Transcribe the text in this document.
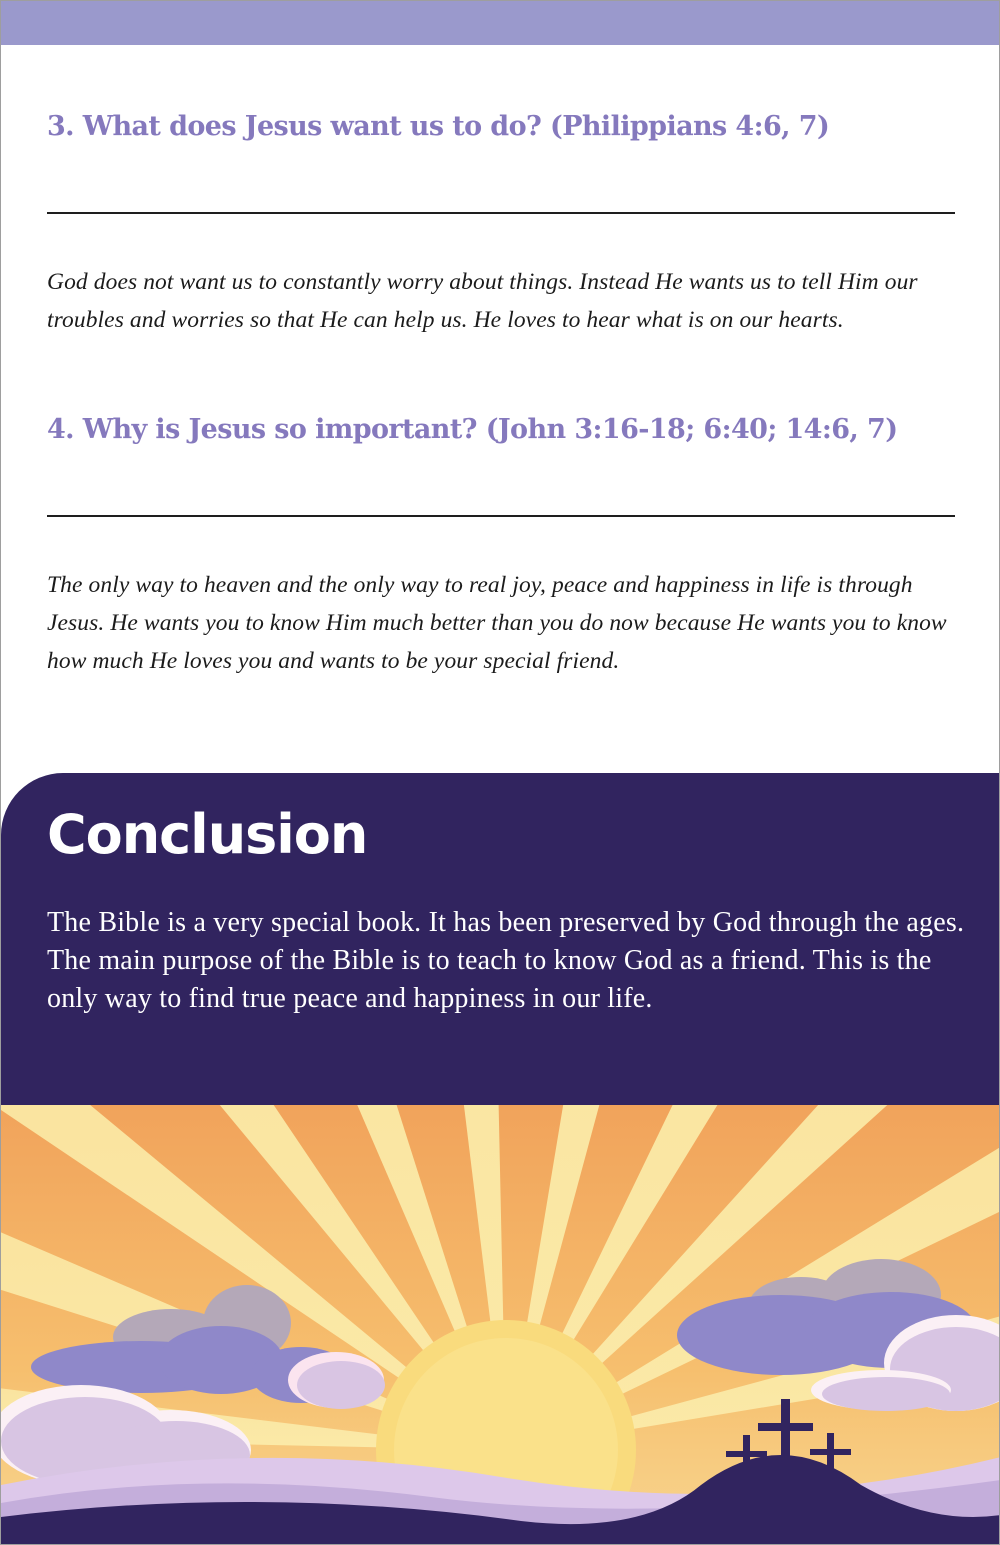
3. What does Jesus want us to do? (Philippians 4:6, 7)

God does not want us to constantly worry about things. Instead He wants us to tell Him our troubles and worries so that He can help us. He loves to hear what is on our hearts.

4. Why is Jesus so important? (John 3:16-18; 6:40; 14:6, 7)

The only way to heaven and the only way to real joy, peace and happiness in life is through Jesus. He wants you to know Him much better than you do now because He wants you to know how much He loves you and wants to be your special friend.

Conclusion

The Bible is a very special book. It has been preserved by God through the ages. The main purpose of the Bible is to teach to know God as a friend. This is the only way to find true peace and happiness in our life.
